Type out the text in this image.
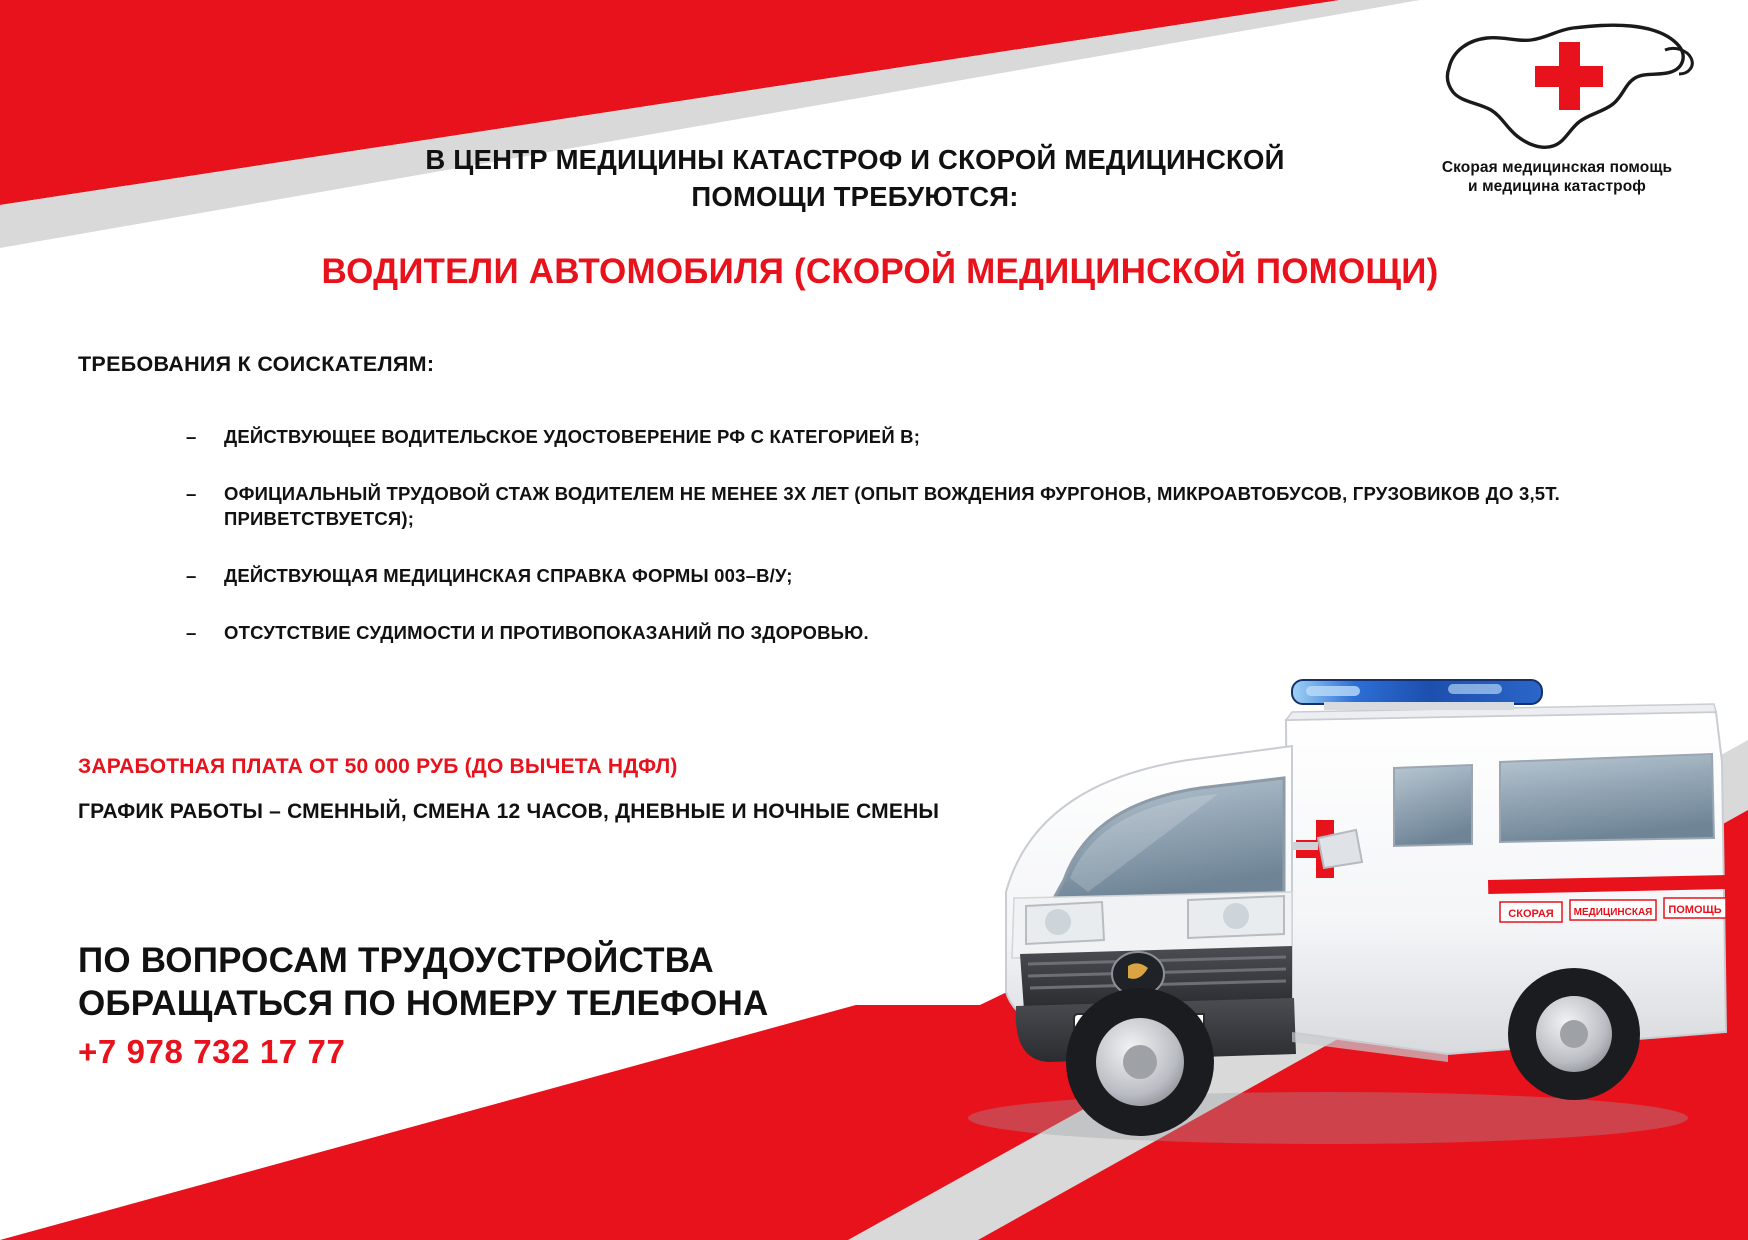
СКОРАЯ МЕДИЦИНСКАЯ ПОМОЩЬ
Скорая медицинская помощь
и медицина катастроф
В ЦЕНТР МЕДИЦИНЫ КАТАСТРОФ И СКОРОЙ МЕДИЦИНСКОЙ
ПОМОЩИ ТРЕБУЮТСЯ:
ВОДИТЕЛИ АВТОМОБИЛЯ (СКОРОЙ МЕДИЦИНСКОЙ ПОМОЩИ)
ТРЕБОВАНИЯ К СОИСКАТЕЛЯМ:
– ДЕЙСТВУЮЩЕЕ ВОДИТЕЛЬСКОЕ УДОСТОВЕРЕНИЕ РФ С КАТЕГОРИЕЙ В;
– ОФИЦИАЛЬНЫЙ ТРУДОВОЙ СТАЖ ВОДИТЕЛЕМ НЕ МЕНЕЕ 3Х ЛЕТ (ОПЫТ ВОЖДЕНИЯ ФУРГОНОВ, МИКРОАВТОБУСОВ, ГРУЗОВИКОВ ДО 3,5Т. ПРИВЕТСТВУЕТСЯ);
– ДЕЙСТВУЮЩАЯ МЕДИЦИНСКАЯ СПРАВКА ФОРМЫ 003–В/У;
– ОТСУТСТВИЕ СУДИМОСТИ И ПРОТИВОПОКАЗАНИЙ ПО ЗДОРОВЬЮ.
ЗАРАБОТНАЯ ПЛАТА ОТ 50 000 РУБ (ДО ВЫЧЕТА НДФЛ)
ГРАФИК РАБОТЫ – СМЕННЫЙ, СМЕНА 12 ЧАСОВ, ДНЕВНЫЕ И НОЧНЫЕ СМЕНЫ
ПО ВОПРОСАМ ТРУДОУСТРОЙСТВА
ОБРАЩАТЬСЯ ПО НОМЕРУ ТЕЛЕФОНА
+7 978 732 17 77
